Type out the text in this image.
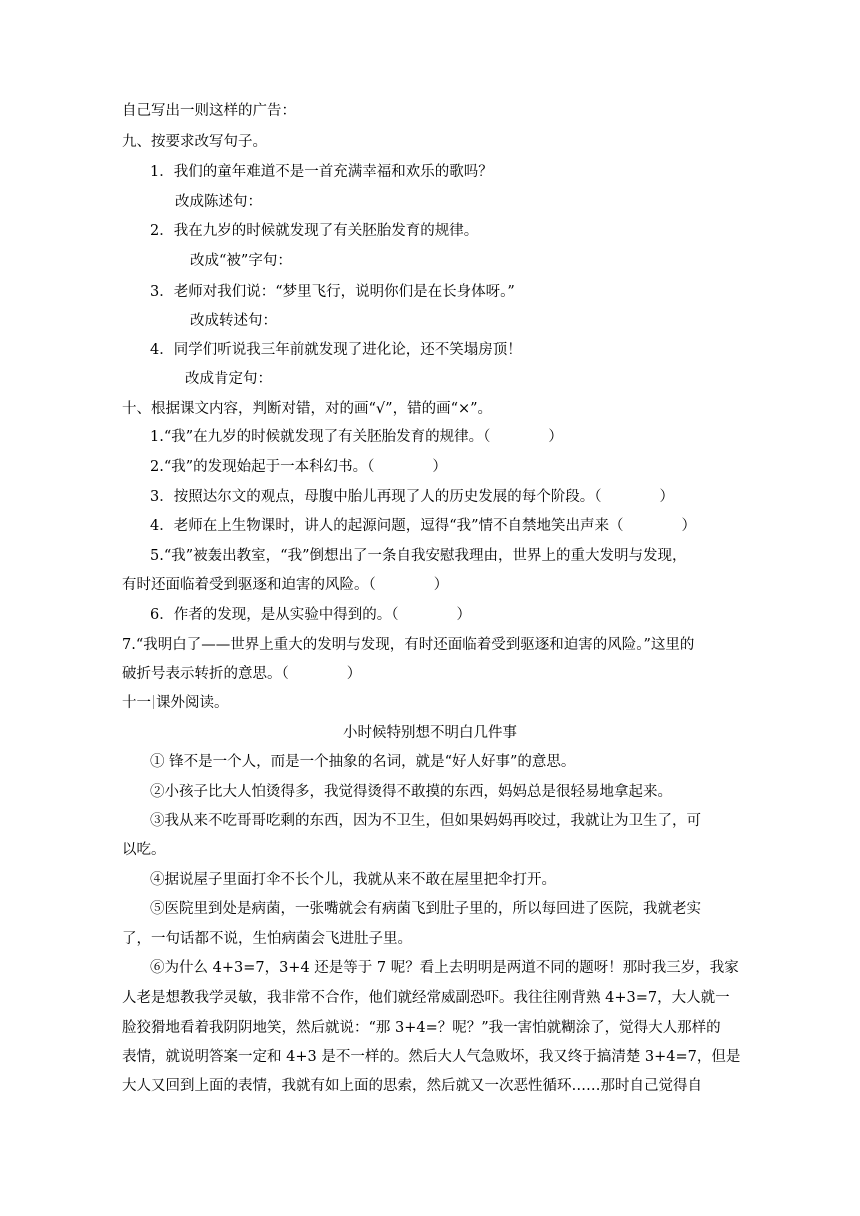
自己写出一则这样的广告：
九、按要求改写句子。
1．我们的童年难道不是一首充满幸福和欢乐的歌吗？
改成陈述句：
2．我在九岁的时候就发现了有关胚胎发育的规律。
改成“被”字句：
3．老师对我们说：“梦里飞行，说明你们是在长身体呀。”
改成转述句：
4．同学们听说我三年前就发现了进化论，还不笑塌房顶！
改成肯定句：
十、根据课文内容，判断对错，对的画“√”，错的画“×”。
1.“我”在九岁的时候就发现了有关胚胎发育的规律。（　　　　）
2.“我”的发现始起于一本科幻书。（　　　　）
3．按照达尔文的观点，母腹中胎儿再现了人的历史发展的每个阶段。（　　　　）
4．老师在上生物课时，讲人的起源问题，逗得“我”情不自禁地笑出声来（　　　　）
5.“我”被轰出教室，“我”倒想出了一条自我安慰我理由，世界上的重大发明与发现，
有时还面临着受到驱逐和迫害的风险。（　　　　）
6．作者的发现，是从实验中得到的。（　　　　）
7.“我明白了——世界上重大的发明与发现，有时还面临着受到驱逐和迫害的风险。”这里的
破折号表示转折的意思。（　　　　）
十一 课外阅读。
小时候特别想不明白几件事
① 锋不是一个人，而是一个抽象的名词，就是“好人好事”的意思。
②小孩子比大人怕烫得多，我觉得烫得不敢摸的东西，妈妈总是很轻易地拿起来。
③我从来不吃哥哥吃剩的东西，因为不卫生，但如果妈妈再咬过，我就让为卫生了，可
以吃。
④据说屋子里面打伞不长个儿，我就从来不敢在屋里把伞打开。
⑤医院里到处是病菌，一张嘴就会有病菌飞到肚子里的，所以每回进了医院，我就老实
了，一句话都不说，生怕病菌会飞进肚子里。
⑥为什么 4+3=7，3+4 还是等于 7 呢？看上去明明是两道不同的题呀！那时我三岁，我家
人老是想教我学灵敏，我非常不合作，他们就经常威副恐吓。我往往刚背熟 4+3=7，大人就一
脸狡猾地看着我阴阴地笑，然后就说：“那 3+4=？呢？”我一害怕就糊涂了，觉得大人那样的
表情，就说明答案一定和 4+3 是不一样的。然后大人气急败坏，我又终于搞清楚 3+4=7，但是
大人又回到上面的表情，我就有如上面的思索，然后就又一次恶性循环……那时自己觉得自
